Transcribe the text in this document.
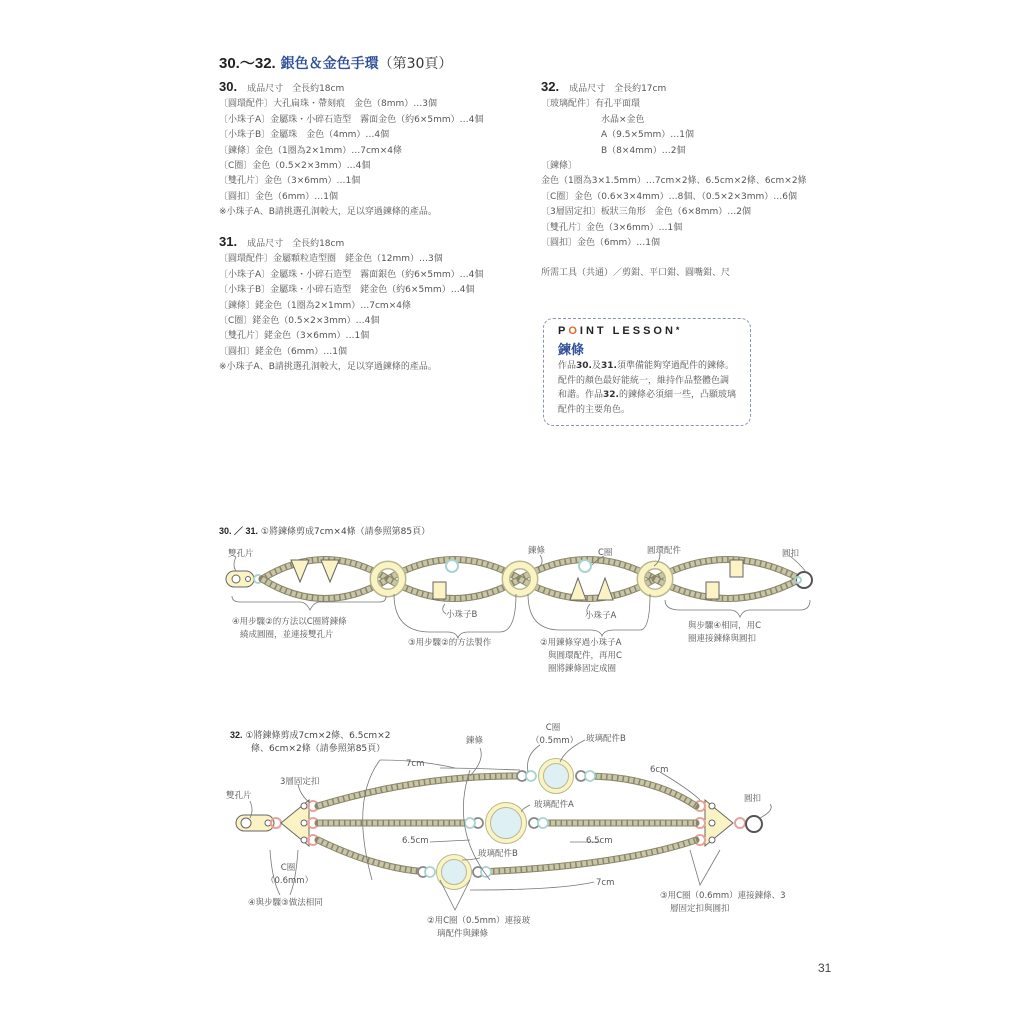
30.～32. 銀色＆金色手環（第30頁）
30. 成品尺寸　全長約18cm
〔圓環配件〕大孔扁珠・帶刻痕　金色（8mm）…3個
〔小珠子A〕金屬珠・小碎石造型　霧面金色（約6×5mm）…4個
〔小珠子B〕金屬珠　金色（4mm）…4個
〔鍊條〕金色（1圈為2×1mm）…7cm×4條
〔C圈〕金色（0.5×2×3mm）…4個
〔雙孔片〕金色（3×6mm）…1個
〔圓扣〕金色（6mm）…1個
※小珠子A、B請挑選孔洞較大，足以穿過鍊條的產品。
31. 成品尺寸　全長約18cm
〔圓環配件〕金屬顆粒造型圈　銠金色（12mm）…3個
〔小珠子A〕金屬珠・小碎石造型　霧面銀色（約6×5mm）…4個
〔小珠子B〕金屬珠・小碎石造型　銠金色（約6×5mm）…4個
〔鍊條〕銠金色（1圈為2×1mm）…7cm×4條
〔C圈〕銠金色（0.5×2×3mm）…4個
〔雙孔片〕銠金色（3×6mm）…1個
〔圓扣〕銠金色（6mm）…1個
※小珠子A、B請挑選孔洞較大，足以穿過鍊條的產品。
32. 成品尺寸　全長約17cm
〔玻璃配件〕有孔平面環
水晶×金色
A（9.5×5mm）…1個
B（8×4mm）…2個
〔鍊條〕
金色（1圈為3×1.5mm）…7cm×2條、6.5cm×2條、6cm×2條
〔C圈〕金色（0.6×3×4mm）…8個、（0.5×2×3mm）…6個
〔3層固定扣〕板狀三角形　金色（6×8mm）…2個
〔雙孔片〕金色（3×6mm）…1個
〔圓扣〕金色（6mm）…1個
所需工具（共通）／剪鉗、平口鉗、圓嘴鉗、尺
POINT LESSON*
鍊條
作品30.及31.須準備能夠穿過配件的鍊條。配件的顏色最好能統一，維持作品整體色調和諧。作品32.的鍊條必須細一些，凸顯玻璃配件的主要角色。
30. ／ 31. ①將鍊條剪成7cm×4條（請參照第85頁）
雙孔片	鍊條	C圈	圓環配件	圓扣
小珠子B	小珠子A
④用步驟②的方法以C圈將鍊條
繞成圓圈，並連接雙孔片
③用步驟②的方法製作	②用鍊條穿過小珠子A
與圓環配件，再用C
圈將鍊條固定成圈
與步驟④相同，用C
圈連接鍊條與圓扣
32. ①將鍊條剪成7cm×2條、6.5cm×2
條、6cm×2條（請參照第85頁）
C圈
（0.5mm）
鍊條	玻璃配件B
7cm
6cm
3層固定扣
雙孔片	圓扣
玻璃配件A
6.5cm	6.5cm
玻璃配件B
7cm
C圈
（0.6mm）
④與步驟③做法相同
②用C圈（0.5mm）連接玻
璃配件與鍊條
③用C圈（0.6mm）連接鍊條、3
層固定扣與圓扣
31
